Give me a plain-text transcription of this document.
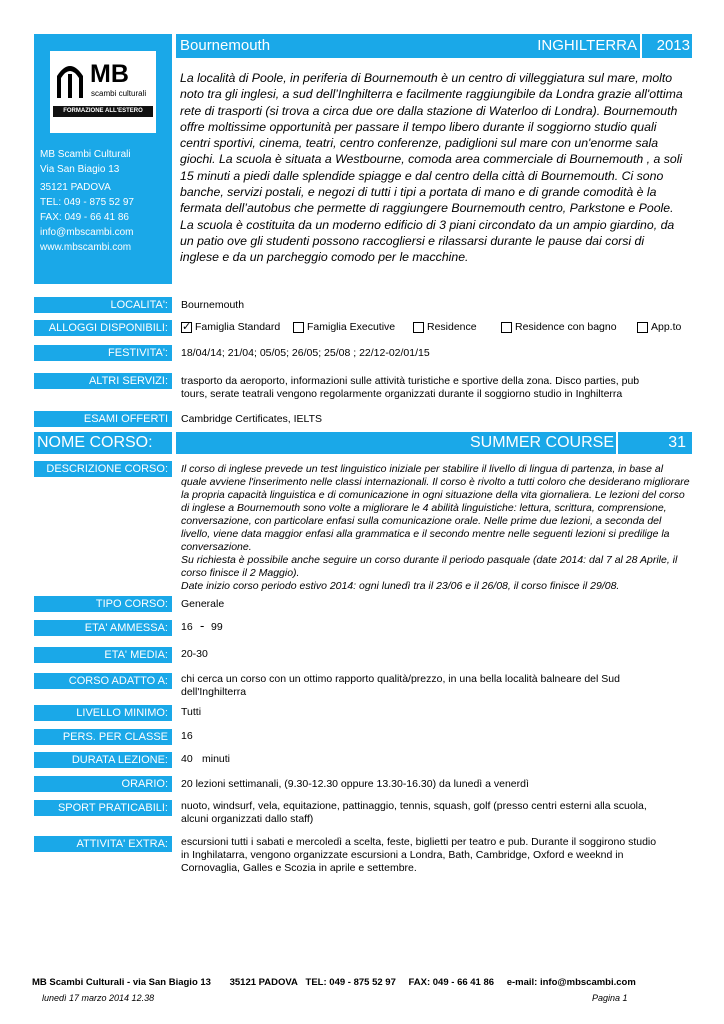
MB
scambi culturali
FORMAZIONE ALL'ESTERO
MB Scambi Culturali
Via San Biagio 13
35121 PADOVA
TEL: 049 - 875 52 97
FAX: 049 - 66 41 86
info@mbscambi.com
www.mbscambi.com
Bournemouth	INGHILTERRA 2013
La località di Poole, in periferia di Bournemouth è un centro di villeggiatura sul mare, molto noto tra gli inglesi, a sud dell’Inghilterra e facilmente raggiungibile da Londra grazie all'ottima rete di trasporti (si trova a circa due ore dalla stazione di Waterloo di Londra). Bournemouth offre moltissime opportunità per passare il tempo libero durante il soggiorno studio quali centri sportivi, cinema, teatri, centro conferenze, padiglioni sul mare con un'enorme sala giochi. La scuola è situata a Westbourne, comoda area commerciale di Bournemouth , a soli 15 minuti a piedi dalle splendide spiagge e dal centro della città di Bournemouth. Ci sono banche, servizi postali, e negozi di tutti i tipi a portata di mano e di grande comodità è la fermata dell’autobus che permette di raggiungere Bournemouth centro, Parkstone e Poole. La scuola è costituita da un moderno edificio di 3 piani circondato da un ampio giardino, da un patio ove gli studenti possono raccogliersi e rilassarsi durante le pause dai corsi di inglese e da un parcheggio comodo per le macchine.
LOCALITA':	Bournemouth
ALLOGGI DISPONIBILI:
✓	Famiglia Standard	Famiglia Executive	Residence	Residence con bagno	App.to
FESTIVITA':	18/04/14; 21/04; 05/05; 26/05; 25/08 ; 22/12-02/01/15
ALTRI SERVIZI:	trasporto da aeroporto, informazioni sulle attività turistiche e sportive della zona. Disco parties, pub tours, serate teatrali vengono regolarmente organizzati durante il soggiorno studio in Inghilterra
ESAMI OFFERTI	Cambridge Certificates, IELTS
NOME CORSO:	SUMMER COURSE	31
DESCRIZIONE CORSO:	Il corso di inglese prevede un test linguistico iniziale per stabilire il livello di lingua di partenza, in base al quale avviene l'inserimento nelle classi internazionali. Il corso è rivolto a tutti coloro che desiderano migliorare la propria capacità linguistica e di comunicazione in ogni situazione della vita giornaliera. Le lezioni del corso di inglese a Bournemouth sono volte a migliorare le 4 abilità linguistiche: lettura, scrittura, comprensione, conversazione, con particolare enfasi sulla comunicazione orale. Nelle prime due lezioni, a seconda del livello, viene data maggior enfasi alla grammatica e il secondo mentre nelle seguenti lezioni si predilige la conversazione.
Su richiesta è possibile anche seguire un corso durante il periodo pasquale (date 2014: dal 7 al 28 Aprile, il corso finisce il 2 Maggio).
Date inizio corso periodo estivo 2014: ogni lunedì tra il 23/06 e il 26/08, il corso finisce il 29/08.
TIPO CORSO:	Generale
ETA' AMMESSA:	16 - 99
ETA' MEDIA:	20-30
CORSO ADATTO A:	chi cerca un corso con un ottimo rapporto qualità/prezzo, in una bella località balneare del Sud dell'Inghilterra
LIVELLO MINIMO:	Tutti
PERS. PER CLASSE	16
DURATA LEZIONE:	40 minuti
ORARIO:	20 lezioni settimanali, (9.30-12.30 oppure 13.30-16.30) da lunedì a venerdì
SPORT PRATICABILI:	nuoto, windsurf, vela, equitazione, pattinaggio, tennis, squash, golf (presso centri esterni alla scuola, alcuni organizzati dallo staff)
ATTIVITA' EXTRA:	escursioni tutti i sabati e mercoledì a scelta, feste, biglietti per teatro e pub. Durante il soggirono studio in Inghilatarra, vengono organizzate escursioni a Londra, Bath, Cambridge, Oxford e weeknd in Cornovaglia, Galles e Scozia in aprile e settembre.
MB Scambi Culturali - via San Biagio 13 35121 PADOVA TEL: 049 - 875 52 97 FAX: 049 - 66 41 86 e-mail: info@mbscambi.com
lunedì 17 marzo 2014 12.38	Pagina 1
